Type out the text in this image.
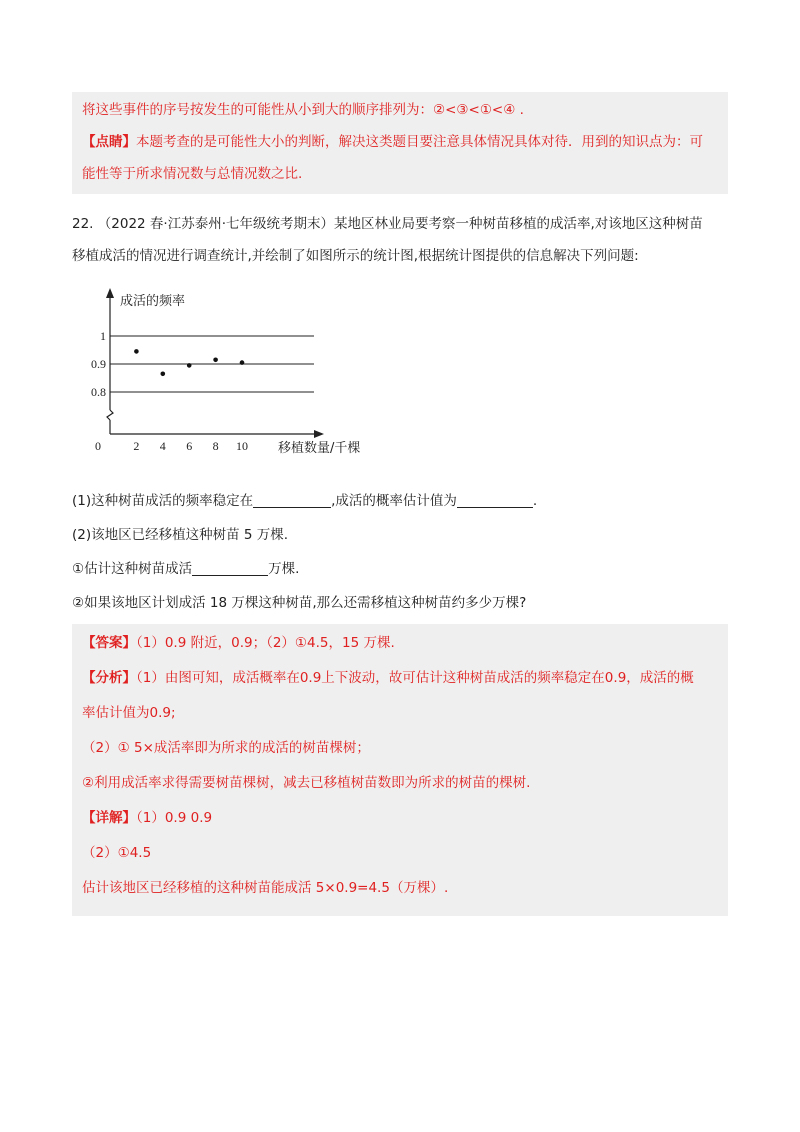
将这些事件的序号按发生的可能性从小到大的顺序排列为：②<③<①<④ .

【点睛】本题考查的是可能性大小的判断，解决这类题目要注意具体情况具体对待．用到的知识点为：可

能性等于所求情况数与总情况数之比.

22. （2022 春·江苏泰州·七年级统考期末）某地区林业局要考察一种树苗移植的成活率,对该地区这种树苗

移植成活的情况进行调查统计,并绘制了如图所示的统计图,根据统计图提供的信息解决下列问题:

1
0.9
0.8
0	2 4 6 8 10
成活的频率
移植数量/千棵

(1)这种树苗成活的频率稳定在	,成活的概率估计值为	.

(2)该地区已经移植这种树苗 5 万棵.

①估计这种树苗成活	万棵.

②如果该地区计划成活 18 万棵这种树苗,那么还需移植这种树苗约多少万棵?

【答案】（1）0.9 附近，0.9；（2）①4.5，15 万棵.

【分析】（1）由图可知，成活概率在0.9上下波动，故可估计这种树苗成活的频率稳定在0.9，成活的概

率估计值为0.9;

（2）① 5×成活率即为所求的成活的树苗棵树；

②利用成活率求得需要树苗棵树，减去已移植树苗数即为所求的树苗的棵树.

【详解】（1）0.9 0.9

（2）①4.5

估计该地区已经移植的这种树苗能成活 5×0.9=4.5（万棵）.
